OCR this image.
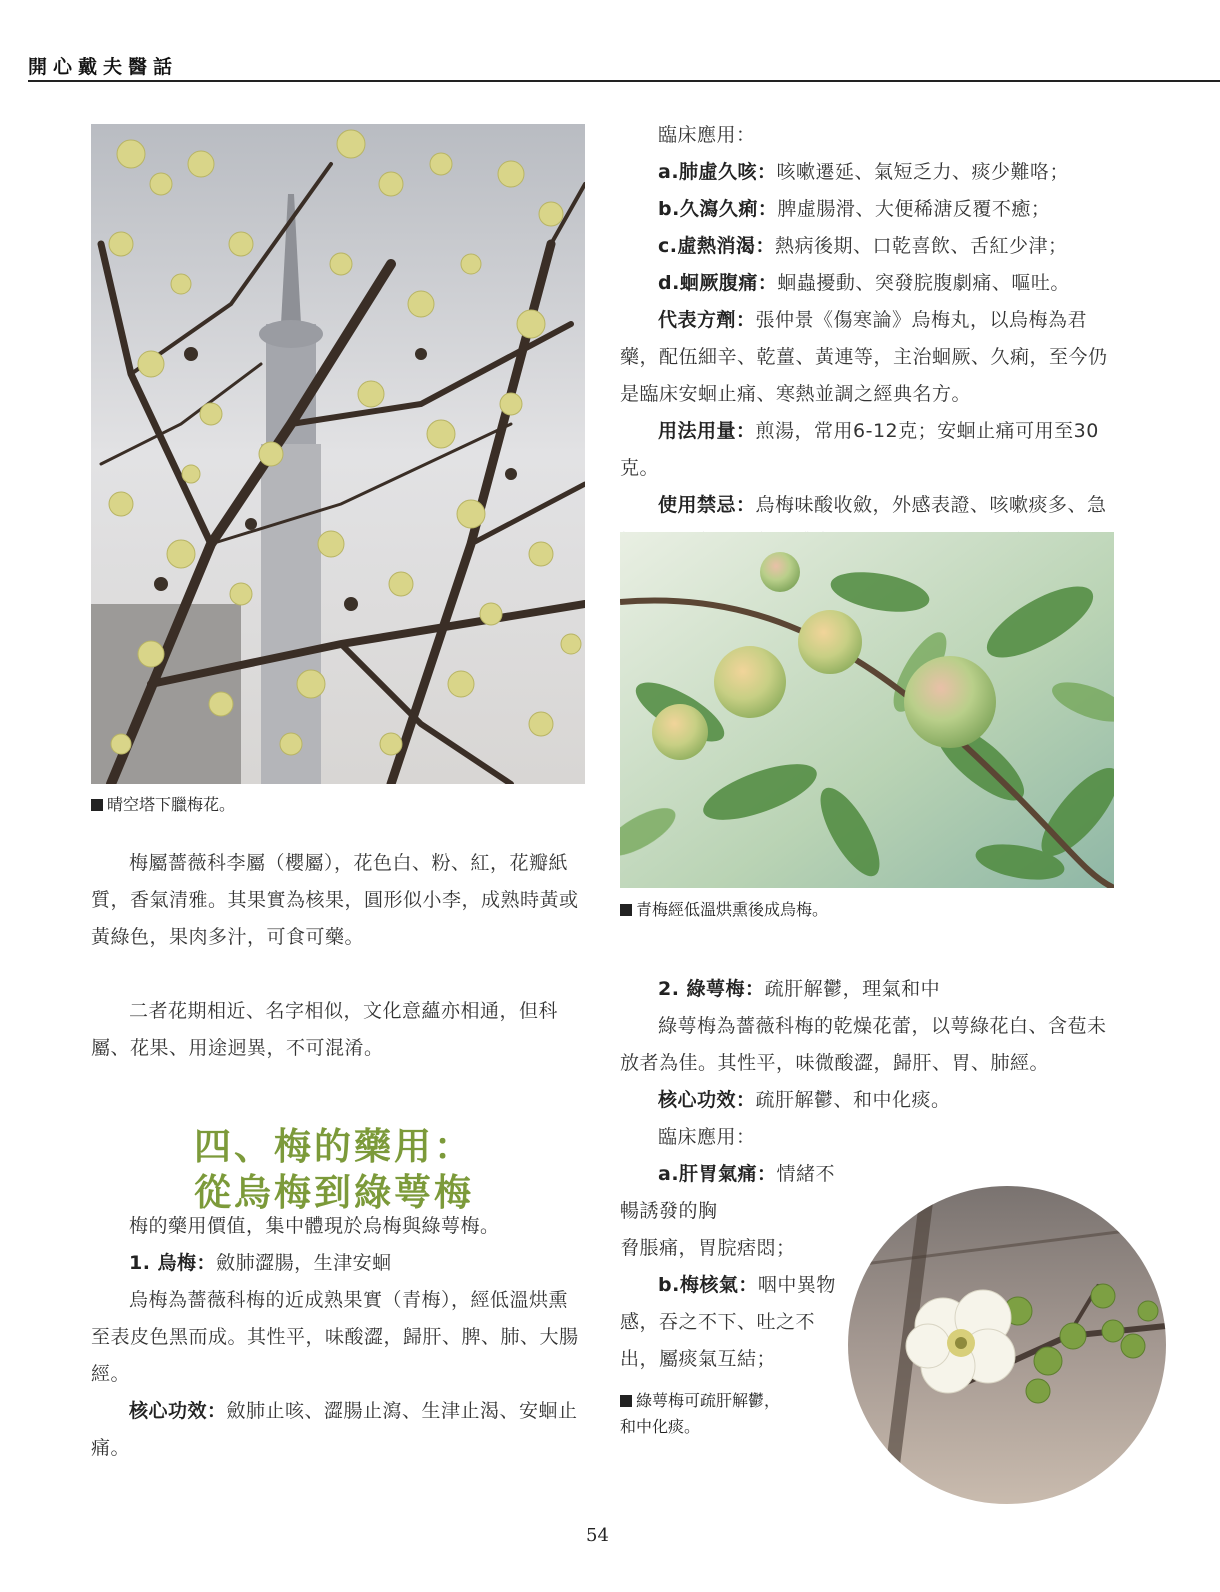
開心戴夫醫話
晴空塔下臘梅花。
梅屬薔薇科李屬（櫻屬），花色白、粉、紅，花瓣紙質，香氣清雅。其果實為核果，圓形似小李，成熟時黃或黃綠色，果肉多汁，可食可藥。
二者花期相近、名字相似，文化意蘊亦相通，但科屬、花果、用途迥異，不可混淆。
四、梅的藥用：
從烏梅到綠萼梅
梅的藥用價值，集中體現於烏梅與綠萼梅。
1. 烏梅：斂肺澀腸，生津安蛔
烏梅為薔薇科梅的近成熟果實（青梅），經低溫烘熏至表皮色黑而成。其性平，味酸澀，歸肝、脾、肺、大腸經。
核心功效：斂肺止咳、澀腸止瀉、生津止渴、安蛔止痛。
臨床應用：
a.肺虛久咳：咳嗽遷延、氣短乏力、痰少難咯；
b.久瀉久痢：脾虛腸滑、大便稀溏反覆不癒；
c.虛熱消渴：熱病後期、口乾喜飲、舌紅少津；
d.蛔厥腹痛：蛔蟲擾動、突發脘腹劇痛、嘔吐。
代表方劑：張仲景《傷寒論》烏梅丸，以烏梅為君藥，配伍細辛、乾薑、黃連等，主治蛔厥、久痢，至今仍是臨床安蛔止痛、寒熱並調之經典名方。
用法用量：煎湯，常用6-12克；安蛔止痛可用至30克。
使用禁忌：烏梅味酸收斂，外感表證、咳嗽痰多、急
青梅經低溫烘熏後成烏梅。
2. 綠萼梅：疏肝解鬱，理氣和中
綠萼梅為薔薇科梅的乾燥花蕾，以萼綠花白、含苞未放者為佳。其性平，味微酸澀，歸肝、胃、肺經。
核心功效：疏肝解鬱、和中化痰。
臨床應用：
a.肝胃氣痛：情緒不暢誘發的胸
脅脹痛，胃脘痞悶；
b.梅核氣：咽中異物
感，吞之不下、吐之不
出，屬痰氣互結；
綠萼梅可疏肝解鬱，
和中化痰。
54
